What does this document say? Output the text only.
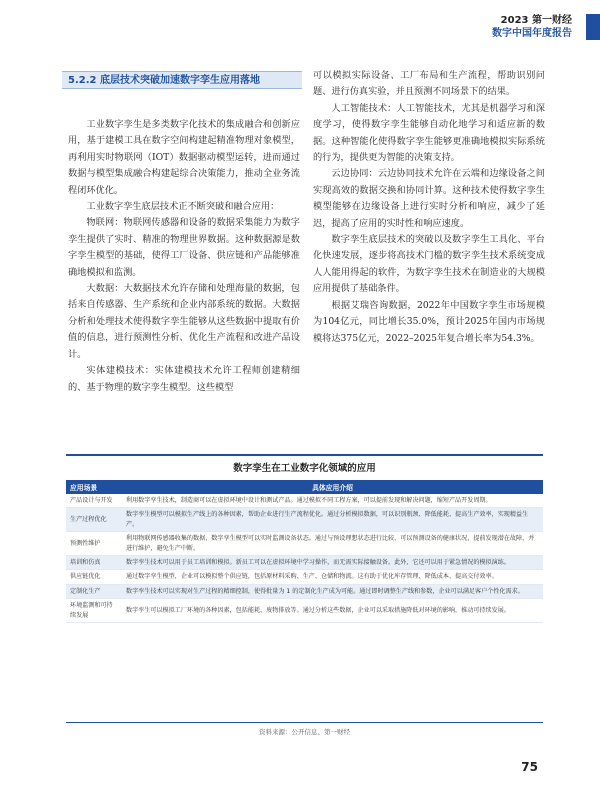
2023 第一财经
数字中国年度报告
5.2.2 底层技术突破加速数字孪生应用落地

工业数字孪生是多类数字化技术的集成融合和创新应用，基于建模工具在数字空间构建起精准物理对象模型，再利用实时物联网（IOT）数据驱动模型运转，进而通过数据与模型集成融合构建起综合决策能力，推动全业务流程闭环优化。

工业数字孪生底层技术正不断突破和融合应用：

物联网：物联网传感器和设备的数据采集能力为数字孪生提供了实时、精准的物理世界数据。这种数据源是数字孪生模型的基础，使得工厂设备、供应链和产品能够准确地模拟和监测。

大数据：大数据技术允许存储和处理海量的数据，包括来自传感器、生产系统和企业内部系统的数据。大数据分析和处理技术使得数字孪生能够从这些数据中提取有价值的信息，进行预测性分析、优化生产流程和改进产品设计。

实体建模技术：实体建模技术允许工程师创建精细的、基于物理的数字孪生模型。这些模型

可以模拟实际设备、工厂布局和生产流程，帮助识别问题、进行仿真实验，并且预测不同场景下的结果。

人工智能技术：人工智能技术，尤其是机器学习和深度学习，使得数字孪生能够自动化地学习和适应新的数据。这种智能化使得数字孪生能够更准确地模拟实际系统的行为，提供更为智能的决策支持。

云边协同：云边协同技术允许在云端和边缘设备之间实现高效的数据交换和协同计算。这种技术使得数字孪生模型能够在边缘设备上进行实时分析和响应，减少了延迟，提高了应用的实时性和响应速度。

数字孪生底层技术的突破以及数字孪生工具化、平台化快速发展，逐步将高技术门槛的数字孪生技术系统变成人人能用得起的软件，为数字孪生技术在制造业的大规模应用提供了基础条件。

根据艾瑞咨询数据，2022年中国数字孪生市场规模为104亿元，同比增长35.0%，预计2025年国内市场规模将达375亿元，2022–2025年复合增长率为54.3%。

数字孪生在工业数字化领域的应用
应用场景	具体应用介绍
产品设计与开发	利用数字孪生技术，制造商可以在虚拟环境中设计和测试产品。通过模拟不同工程方案，可以提前发现和解决问题，缩短产品开发周期。
生产过程优化	数字孪生模型可以模拟生产线上的各种因素，帮助企业进行生产流程优化。通过分析模拟数据，可以识别瓶颈、降低能耗、提高生产效率，实现精益生产。
预测性维护	利用物联网传感器收集的数据，数字孪生模型可以实时监测设备状态。通过与预设理想状态进行比较，可以预测设备的健康状况、提前发现潜在故障，并进行维护，避免生产中断。
培训和仿真	数字孪生技术可以用于员工培训和模拟。新员工可以在虚拟环境中学习操作，而无需实际接触设备。此外，它还可以用于紧急情况的模拟演练。
供应链优化	通过数字孪生模型，企业可以模拟整个供应链，包括原材料采购、生产、仓储和物流。这有助于优化库存管理、降低成本、提高交付效率。
定制化生产	数字孪生技术可以实现对生产过程的精细控制，使得批量为 1 的定制化生产成为可能。通过即时调整生产线和参数，企业可以满足客户个性化需求。
环境监测和可持续发展	数字孪生可以模拟工厂环境的各种因素，包括能耗、废物排放等。通过分析这些数据，企业可以采取措施降低对环境的影响，推动可持续发展。
资料来源：公开信息、第一财经
75
